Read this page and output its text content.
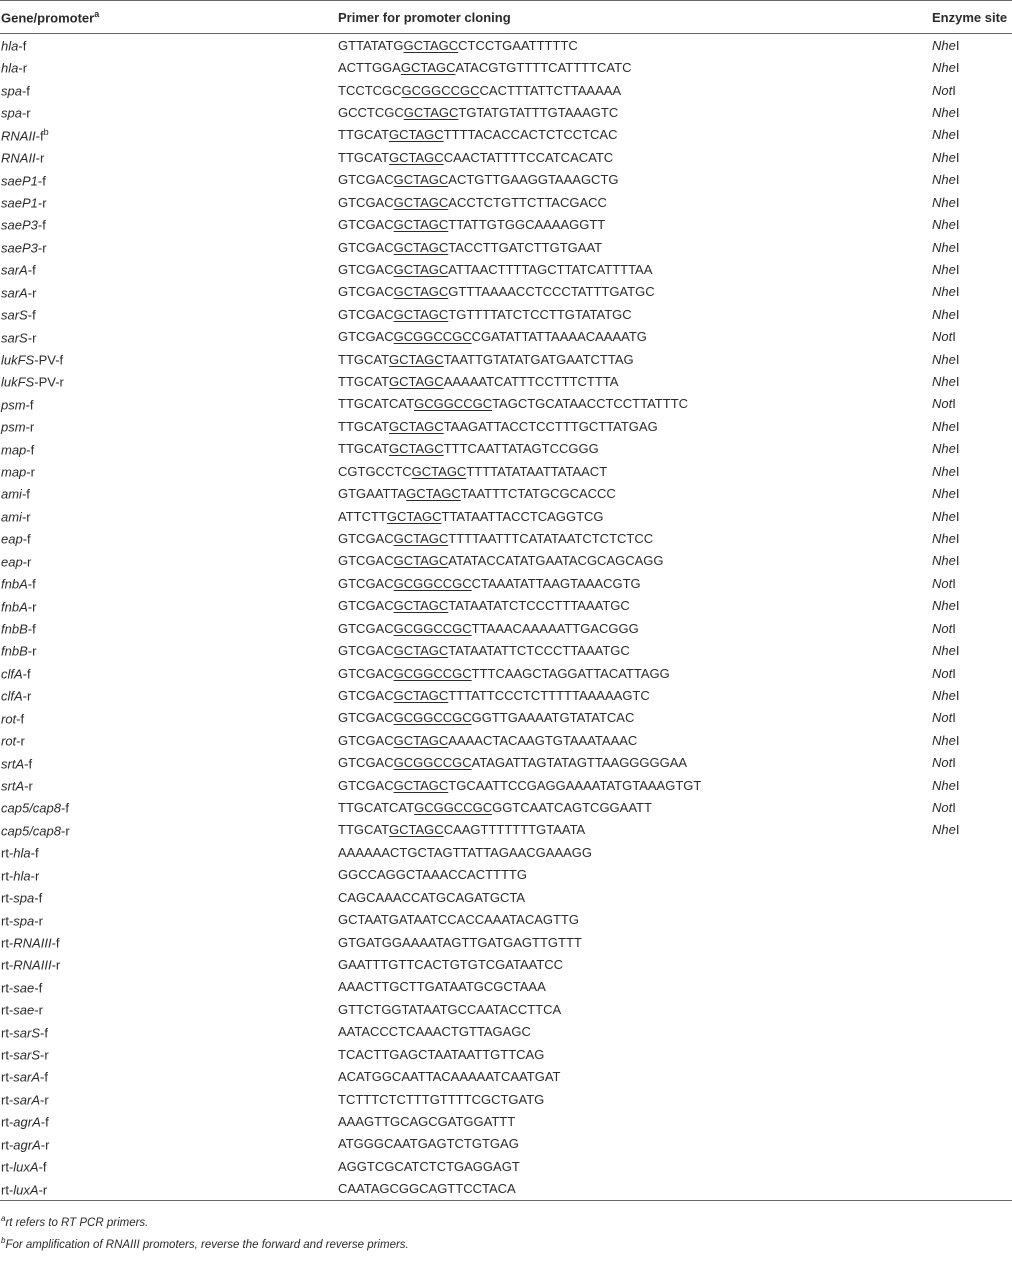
Gene/promoter$^a$	Primer for promoter cloning	Enzyme site
hla-f	GTTATATGGCTAGCCTCCTGAATTTTTC	NheI
hla-r	ACTTGGAGCTAGCATACGTGTTTTCATTTTCATC	NheI
spa-f	TCCTCGCGCGGCCGCCACTTTATTCTTAAAAA	NotI
spa-r	GCCTCGCGCTAGCTGTATGTATTTGTAAAGTC	NheI
RNAII-$f^b$	TTGCATGCTAGCTTTTACACCACTCTCCTCAC	NheI
RNAII-r	TTGCATGCTAGCCAACTATTTTCCATCACATC	NheI
saeP1-f	GTCGACGCTAGCACTGTTGAAGGTAAAGCTG	NheI
saeP1-r	GTCGACGCTAGCACCTCTGTTCTTACGACC	NheI
saeP3-f	GTCGACGCTAGCTTATTGTGGCAAAAGGTT	NheI
saeP3-r	GTCGACGCTAGCTACCTTGATCTTGTGAAT	NheI
sarA-f	GTCGACGCTAGCATTAACTTTTAGCTTATCATTTTAA	NheI
sarA-r	GTCGACGCTAGCGTTTAAAACCTCCCTATTTGATGC	NheI
sarS-f	GTCGACGCTAGCTGTTTTATCTCCTTGTATATGC	NheI
sarS-r	GTCGACGCGGCCGCCGATATTATTAAAACAAAATG	NotI
lukFS-PV-f	TTGCATGCTAGCTAATTGTATATGATGAATCTTAG	NheI
lukFS-PV-r	TTGCATGCTAGCAAAAATCATTTCCTTTCTTTA	NheI
psm-f	TTGCATCATGCGGCCGCTAGCTGCATAACCTCCTTATTTC	NotI
psm-r	TTGCATGCTAGCTAAGATTACCTCCTTTGCTTATGAG	NheI
map-f	TTGCATGCTAGCTTTCAATTATAGTCCGGG	NheI
map-r	CGTGCCTCGCTAGCTTTTATATAATTATAACT	NheI
ami-f	GTGAATTAGCTAGCTAATTTCTATGCGCACCC	NheI
ami-r	ATTCTTGCTAGCTTATAATTACCTCAGGTCG	NheI
eap-f	GTCGACGCTAGCTTTTAATTTCATATAATCTCTCTCC	NheI
eap-r	GTCGACGCTAGCATATACCATATGAATACGCAGCAGG	NheI
fnbA-f	GTCGACGCGGCCGCCTAAATATTAAGTAAACGTG	NotI
fnbA-r	GTCGACGCTAGCTATAATATCTCCCTTTAAATGC	NheI
fnbB-f	GTCGACGCGGCCGCTTAAACAAAAATTGACGGG	NotI
fnbB-r	GTCGACGCTAGCTATAATATTCTCCCTTAAATGC	NheI
clfA-f	GTCGACGCGGCCGCTTTCAAGCTAGGATTACATTAGG	NotI
clfA-r	GTCGACGCTAGCTTTATTCCCTCTTTTTAAAAAGTC	NheI
rot-f	GTCGACGCGGCCGCGGTTGAAAATGTATATCAC	NotI
rot-r	GTCGACGCTAGCAAAACTACAAGTGTAAATAAAC	NheI
srtA-f	GTCGACGCGGCCGCATAGATTAGTATAGTTAAGGGGGAA	NotI
srtA-r	GTCGACGCTAGCTGCAATTCCGAGGAAAATATGTAAAGTGT	NheI
cap5/cap8-f	TTGCATCATGCGGCCGCGGTCAATCAGTCGGAATT	NotI
cap5/cap8-r	TTGCATGCTAGCCAAGTTTTTTTGTAATA	NheI
rt-hla-f	AAAAAACTGCTAGTTATTAGAACGAAAGG	
rt-hla-r	GGCCAGGCTAAACCACTTTTG	
rt-spa-f	CAGCAAACCATGCAGATGCTA	
rt-spa-r	GCTAATGATAATCCACCAAATACAGTTG	
rt-RNAIII-f	GTGATGGAAAATAGTTGATGAGTTGTTT	
rt-RNAIII-r	GAATTTGTTCACTGTGTCGATAATCC	
rt-sae-f	AAACTTGCTTGATAATGCGCTAAA	
rt-sae-r	GTTCTGGTATAATGCCAATACCTTCA	
rt-sarS-f	AATACCCTCAAACTGTTAGAGC	
rt-sarS-r	TCACTTGAGCTAATAATTGTTCAG	
rt-sarA-f	ACATGGCAATTACAAAAATCAATGAT	
rt-sarA-r	TCTTTCTCTTTGTTTTCGCTGATG	
rt-agrA-f	AAAGTTGCAGCGATGGATTT	
rt-agrA-r	ATGGGCAATGAGTCTGTGAG	
rt-luxA-f	AGGTCGCATCTCTGAGGAGT	
rt-luxA-r	CAATAGCGGCAGTTCCTACA	
$^a$rt refers to RT PCR primers.
$^b$For amplification of RNAIII promoters, reverse the forward and reverse primers.
